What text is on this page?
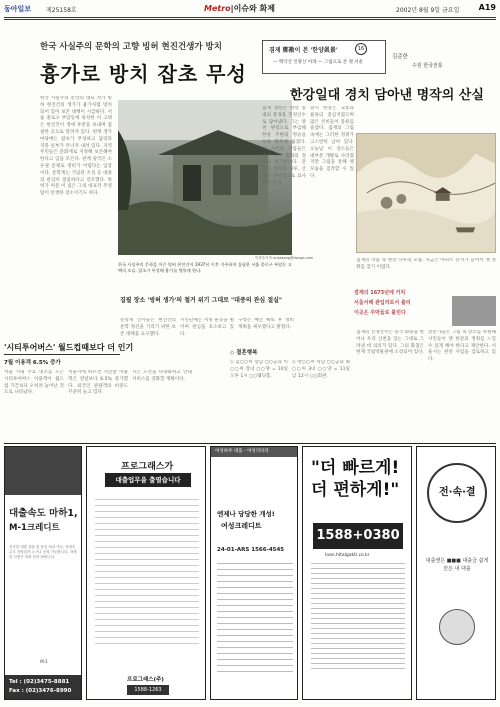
동아일보 제25158호	Metro|이슈와 화제	2002년 8월 9일 금요일 A19
한국 사실주의 문학의 고향 빙허 현진건생가 방치
흉가로 방치 잡초 무성
한국 사실주의 문학의 대표 작가 빙허 현진건의 생가가 흉가처럼 방치되어 있어 보존 대책이 시급하다. 서울 종로구 부암동에 위치한 이 고택은 현진건이 생애 후반을 보내며 집필한 곳으로 알려져 있다. 현재 생가 마당에는 잡초가 무성하고 담장과 지붕 일부가 무너져 내려 있다. 지역 주민들은 문화재로 지정해 보존해야 한다고 입을 모은다. 관계 당국은 소유권 문제로 정비가 어렵다는 입장이다. 문학계는 기념관 조성 등 대중의 관심이 절실하다고 강조했다. 빙허가 머문 이 집은 그의 대표작 무영탑이 탄생한 장소이기도 하다.
이종승기자 urisesang@donga.com
한국 사실주의 문학을 이끈 빙허 현진건이 1937년 이후 거주하며 집필한 서울 종로구 부암동 고택의 모습. 잡초가 무성해 흉가를 방불케 한다.
집필 장소 '빙허 생가'의 철거 위기 그대로 "대중의 관심 절실"
문학계 인사들은 현진건의 문학 정신을 기리기 위한 보존 대책을 요구했다.
시민단체는 서명 운동을 벌이며 관심을 호소하고 있다.
구청은 예산 확보 후 정비 계획을 세우겠다고 밝혔다.
겸재 鄭敾이 본 '한양眞景'
— 백악산 인왕산 아래 — 그림으로 본 옛 서울
16
김준한
수원 한국전통
한강일대 경치 담아낸 명작의 산실
겸재 정선은 한강 일대의 풍경을 진경산수로 담아냈다. 그는 양천 현령으로 부임해 한강 주변의 명승을 두루 화폭에 옮겼다. 이 시기의 작품들은 조선 후기 회화의 정수로 평가받는다. 강가의 정자와 나루, 산세가 사실적으로 묘사되어 있다.
당시 한강은 교통과 물류의 중심지였으며 많은 선비들이 풍류를 즐겼다. 겸재의 그림 속에는 그러한 정취가 고스란히 남아 있다. 오늘날 이 장소들은 대부분 개발로 사라졌지만 그림을 통해 옛 모습을 짐작할 수 있다.
겸재의 작품 속 한강 나루의 모습. 지금은 아파트 단지가 들어서 옛 정취를 찾기 어렵다.
겸재의 1673년에 거처
서울서해 관입리로서 출리
이곳은 주막들로 불린다
겸재의 진경산수는 중국 화풍을 벗어나 우리 산천을 있는 그대로 그려낸 데 의의가 있다. 그의 화첩은 현재 국립박물관에 소장되어 있다.
전문가들은 그림 속 장소를 복원해 시민들이 옛 한강의 정취를 느낄 수 있게 해야 한다고 제안한다. 서울시는 관련 사업을 검토하고 있다.
'시티투어버스' 월드컵때보다 더 인기
7월 이용객 6.5% 증가
◇ 결혼행복
서울 시내 주요 명소를 도는 시티투어버스 이용객이 월드컵 기간보다 오히려 늘어난 것으로 나타났다.
서울시에 따르면 지난달 이용객은 전달보다 6.5% 증가했다. 외국인 관광객의 비중도 꾸준히 늘고 있다.
시는 노선을 다양화하고 안내 서비스를 강화할 계획이다.
◇ 김○○씨 장남 ○○군과 이○○씨 장녀 ○○양 = 10일 오후 1시 ○○웨딩홀.
◇ 박○○씨 차남 ○○군과 최○○씨 3녀 ○○양 = 11일 낮 12시 ○○회관.
대출속도 마하1,
M-1크레디트
신속한 대출 상담 및 당일 처리 가능. 직장인 주부 자영업자 누구나 신청 가능합니다. 자세한 사항은 전화 문의 바랍니다.
M-1
Tel : (02)3475-8881
Fax : (02)3476-8990
프로그래스가
대출업무을 출열습니다
프로그래스(주)
1588-1263
여성하루 대출 - 여성리바라
엔제나 당당한 개성!
여성크레디트
24-01-ARS 1566-4545
"더 빠르게!
더 편하게!"
1588+0380
loan.hitalgakti.co.kr
전·속·결
대출앤은 ■■■ 대출금 쉽게 만든 내 대출
